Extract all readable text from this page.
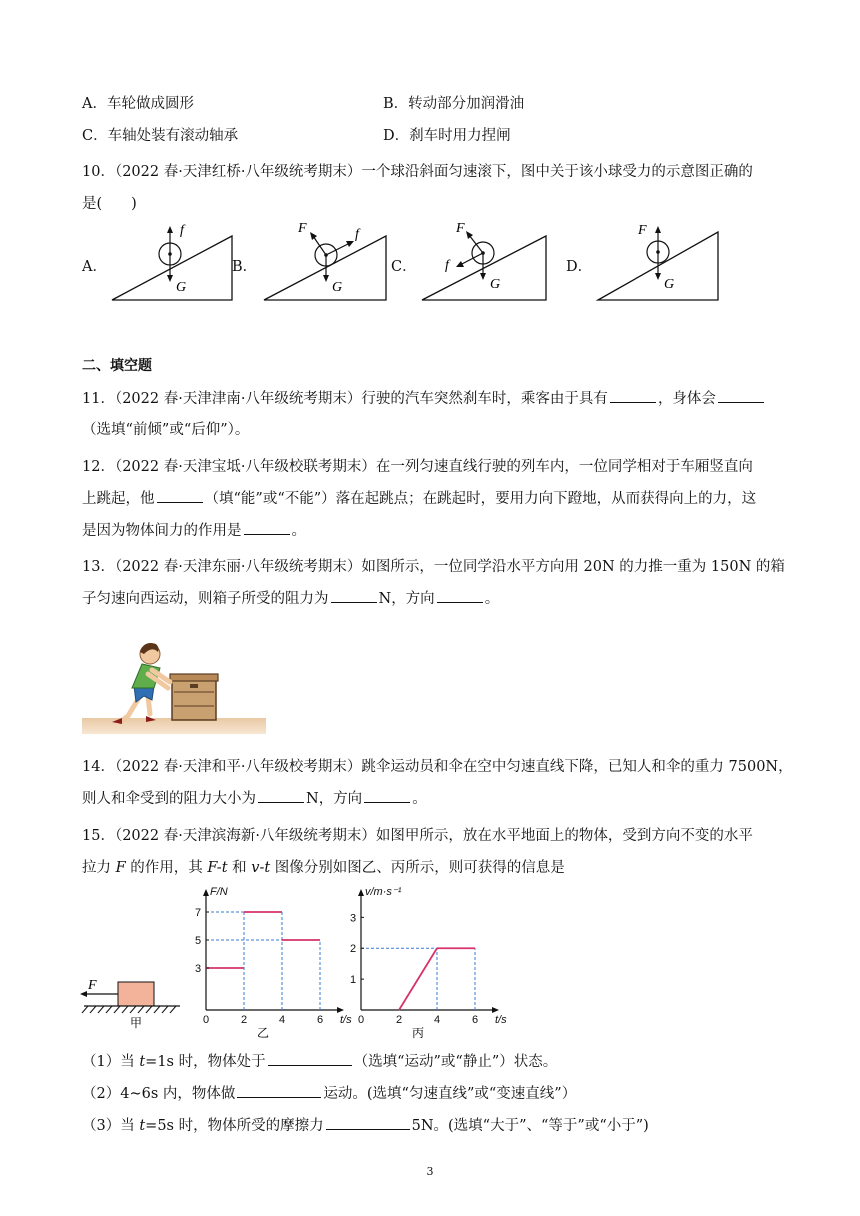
A．车轮做成圆形	B．转动部分加润滑油
C．车轴处装有滚动轴承	D．刹车时用力捏闸
10．（2022 春·天津红桥·八年级统考期末）一个球沿斜面匀速滚下，图中关于该小球受力的示意图正确的
是(　　)
A．	B．	C．	D．
f
G
F	f
G
F
f
G
F
G
二、填空题
11．（2022 春·天津津南·八年级统考期末）行驶的汽车突然刹车时，乘客由于具有	，身体会
（选填“前倾”或“后仰”）。
12．（2022 春·天津宝坻·八年级校联考期末）在一列匀速直线行驶的列车内，一位同学相对于车厢竖直向
上跳起，他	（填“能”或“不能”）落在起跳点；在跳起时，要用力向下蹬地，从而获得向上的力，这
是因为物体间力的作用是	。
13．（2022 春·天津东丽·八年级统考期末）如图所示，一位同学沿水平方向用 20N 的力推一重为 150N 的箱
子匀速向西运动，则箱子所受的阻力为	N，方向	。
14．（2022 春·天津和平·八年级校考期末）跳伞运动员和伞在空中匀速直线下降，已知人和伞的重力 7500N，
则人和伞受到的阻力大小为	N，方向	。
15．（2022 春·天津滨海新·八年级统考期末）如图甲所示，放在水平地面上的物体，受到方向不变的水平
拉力 F 的作用，其 F-t 和 v-t 图像分别如图乙、丙所示，则可获得的信息是
F
甲	0	2	4	6
3
5
7
F/N
t/s
乙
0	2	4	6
1
2
3
v/m·s⁻¹
t/s
丙
（1）当 t=1s 时，物体处于	（选填“运动”或“静止”）状态。
（2）4~6s 内，物体做	运动。(选填“匀速直线”或“变速直线”）
（3）当 t=5s 时，物体所受的摩擦力	5N。(选填“大于”、“等于”或“小于”)
3
